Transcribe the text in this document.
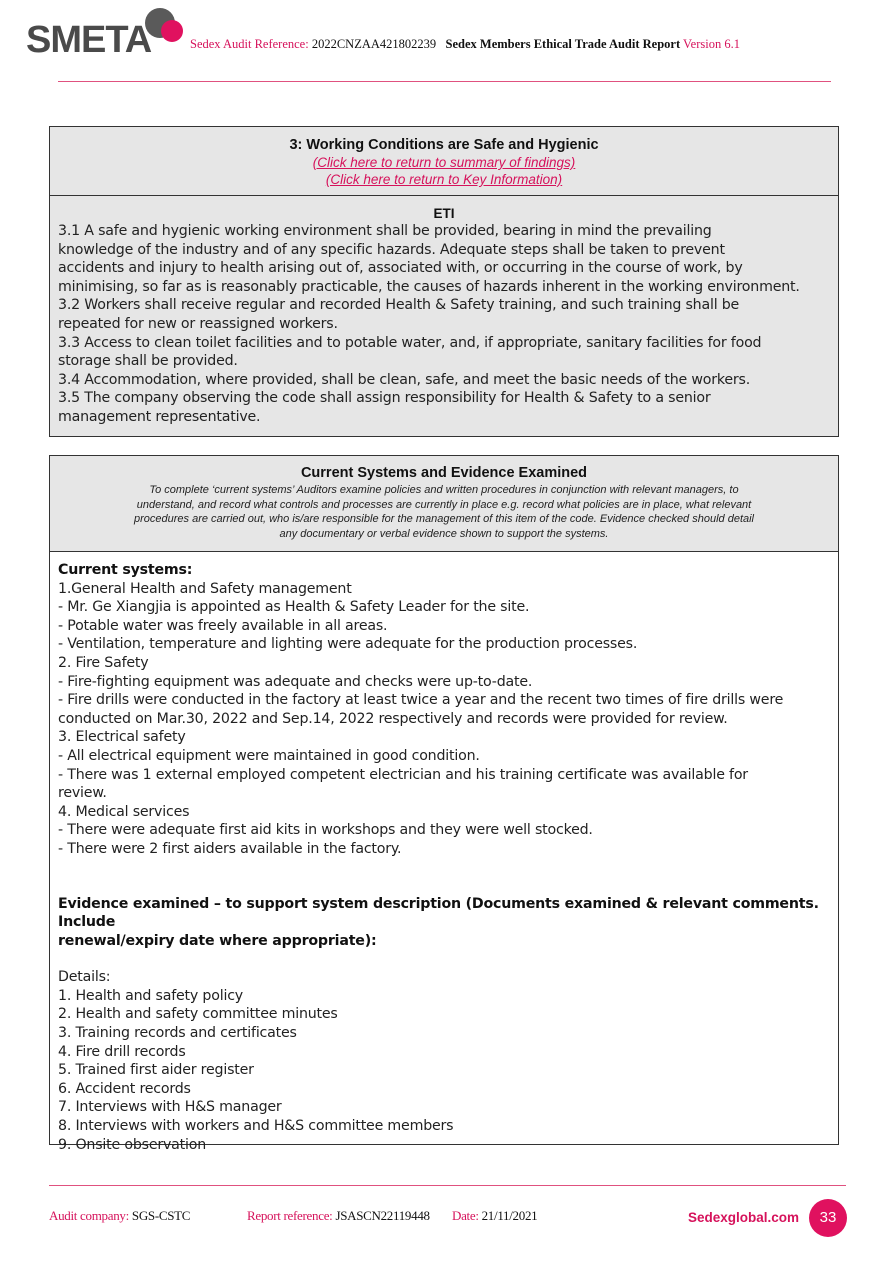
SMETA	Sedex Audit Reference: 2022CNZAA421802239 Sedex Members Ethical Trade Audit Report Version 6.1
3: Working Conditions are Safe and Hygienic
(Click here to return to summary of findings)
(Click here to return to Key Information)
ETI
3.1 A safe and hygienic working environment shall be provided, bearing in mind the prevailing
knowledge of the industry and of any specific hazards. Adequate steps shall be taken to prevent
accidents and injury to health arising out of, associated with, or occurring in the course of work, by
minimising, so far as is reasonably practicable, the causes of hazards inherent in the working environment.
3.2 Workers shall receive regular and recorded Health & Safety training, and such training shall be
repeated for new or reassigned workers.
3.3 Access to clean toilet facilities and to potable water, and, if appropriate, sanitary facilities for food
storage shall be provided.
3.4 Accommodation, where provided, shall be clean, safe, and meet the basic needs of the workers.
3.5 The company observing the code shall assign responsibility for Health & Safety to a senior
management representative.
Current Systems and Evidence Examined
To complete ‘current systems’ Auditors examine policies and written procedures in conjunction with relevant managers, to
understand, and record what controls and processes are currently in place e.g. record what policies are in place, what relevant
procedures are carried out, who is/are responsible for the management of this item of the code. Evidence checked should detail
any documentary or verbal evidence shown to support the systems.
Current systems:
1.General Health and Safety management
- Mr. Ge Xiangjia is appointed as Health & Safety Leader for the site.
- Potable water was freely available in all areas.
- Ventilation, temperature and lighting were adequate for the production processes.
2. Fire Safety
- Fire-fighting equipment was adequate and checks were up-to-date.
- Fire drills were conducted in the factory at least twice a year and the recent two times of fire drills were
conducted on Mar.30, 2022 and Sep.14, 2022 respectively and records were provided for review.
3. Electrical safety
- All electrical equipment were maintained in good condition.
- There was 1 external employed competent electrician and his training certificate was available for
review.
4. Medical services
- There were adequate first aid kits in workshops and they were well stocked.
- There were 2 first aiders available in the factory.
Evidence examined – to support system description (Documents examined & relevant comments. Include
renewal/expiry date where appropriate):
Details:
1. Health and safety policy
2. Health and safety committee minutes
3. Training records and certificates
4. Fire drill records
5. Trained first aider register
6. Accident records
7. Interviews with H&S manager
8. Interviews with workers and H&S committee members
9. Onsite observation
Audit company: SGS-CSTC	Report reference: JSASCN22119448 Date: 21/11/2021	Sedexglobal.com	33
